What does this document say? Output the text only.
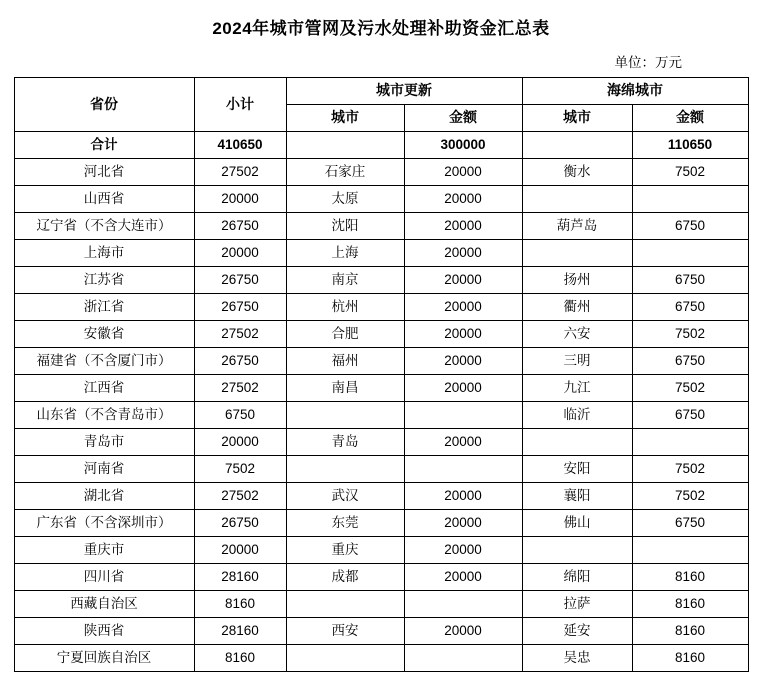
2024年城市管网及污水处理补助资金汇总表
单位：万元
省份	小计	城市更新		海绵城市	
		城市	金额	城市	金额
合计	410650		300000		110650
河北省	27502	石家庄	20000	衡水	7502
山西省	20000	太原	20000		
辽宁省（不含大连市）	26750	沈阳	20000	葫芦岛	6750
上海市	20000	上海	20000		
江苏省	26750	南京	20000	扬州	6750
浙江省	26750	杭州	20000	衢州	6750
安徽省	27502	合肥	20000	六安	7502
福建省（不含厦门市）	26750	福州	20000	三明	6750
江西省	27502	南昌	20000	九江	7502
山东省（不含青岛市）	6750			临沂	6750
青岛市	20000	青岛	20000		
河南省	7502			安阳	7502
湖北省	27502	武汉	20000	襄阳	7502
广东省（不含深圳市）	26750	东莞	20000	佛山	6750
重庆市	20000	重庆	20000		
四川省	28160	成都	20000	绵阳	8160
西藏自治区	8160			拉萨	8160
陕西省	28160	西安	20000	延安	8160
宁夏回族自治区	8160			吴忠	8160
